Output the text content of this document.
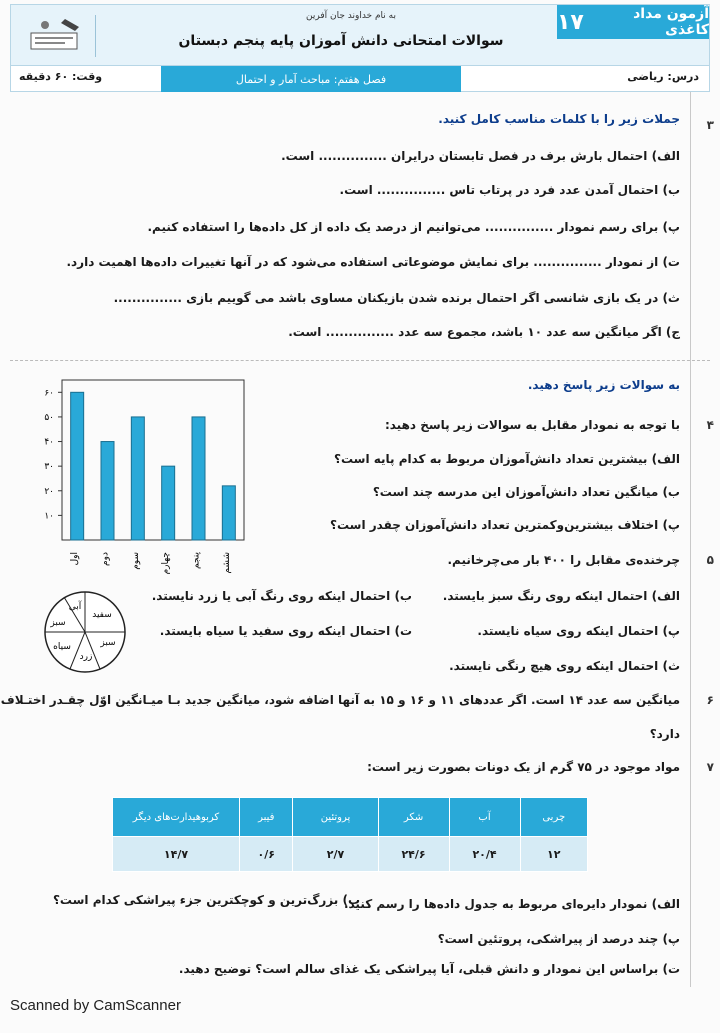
به نام خداوند جان آفرین
سوالات امتحانی دانش آموزان پایه پنجم دبستان
آزمون مداد کاغذی
۱۷
وقت: ۶۰ دقیقه	فصل هفتم: مباحث آمار و احتمال	درس: ریاضی
۳
جملات زیر را با کلمات مناسب کامل کنید.
الف) احتمال بارش برف در فصل تابستان درایران ............... است.
ب) احتمال آمدن عدد فرد در پرتاب تاس ............... است.
پ) برای رسم نمودار ............... می‌توانیم از درصد یک داده از کل داده‌ها را استفاده کنیم.
ت) از نمودار ............... برای نمایش موضوعاتی استفاده می‌شود که در آنها تغییرات داده‌ها اهمیت دارد.
ث) در یک بازی شانسی اگر احتمال برنده شدن بازیکنان مساوی باشد می گوییم بازی ...............
ج) اگر میانگین سه عدد ۱۰ باشد، مجموع سه عدد ............... است.
به سوالات زیر پاسخ دهید.
۴
با توجه به نمودار مقابل به سوالات زیر پاسخ دهید:
الف) بیشترین تعداد دانش‌آموزان مربوط به کدام پایه است؟
ب) میانگین تعداد دانش‌آموزان این مدرسه چند است؟
پ) اختلاف بیشترین‌وکمترین تعداد دانش‌آموزان چقدر است؟
۱۰
۲۰
۳۰
۴۰
۵۰
۶۰
اول دوم سوم چهارم پنجم ششم	۵
چرخنده‌ی مقابل را ۴۰۰ بار می‌چرخانیم.
الف) احتمال اینکه روی رنگ سبز بایستد.
ب) احتمال اینکه روی رنگ آبی یا زرد نایستد.
پ) احتمال اینکه روی سیاه نایستد.
ت) احتمال اینکه روی سفید یا سیاه بایستد.
ث) احتمال اینکه روی هیچ رنگی نایستد.
آبی
سفید
سبز
سبز
زرد
سیاه
۶
میانگین سه عدد ۱۴ است. اگر عددهای ۱۱ و ۱۶ و ۱۵ به آنها اضافه شود، میانگین جدید بـا میـانگین اوّل چقـدر اختـلاف
دارد؟
۷
مواد موجود در ۷۵ گرم از یک دونات بصورت زیر است:
چربی	آب	شکر	پروتئین	فیبر	کربوهیدارت‌های دیگر
۱۲	۲۰/۴	۲۴/۶	۲/۷	۰/۶	۱۴/۷
الف) نمودار دایره‌ای مربوط به جدول داده‌ها را رسم کنید.
ب) بزرگ‌ترین و کوچکترین جزء پیراشکی کدام است؟
پ) چند درصد از پیراشکی، پروتئین است؟
ت) براساس این نمودار و دانش قبلی، آیا پیراشکی یک غذای سالم است؟ توضیح دهید.
Scanned by CamScanner
